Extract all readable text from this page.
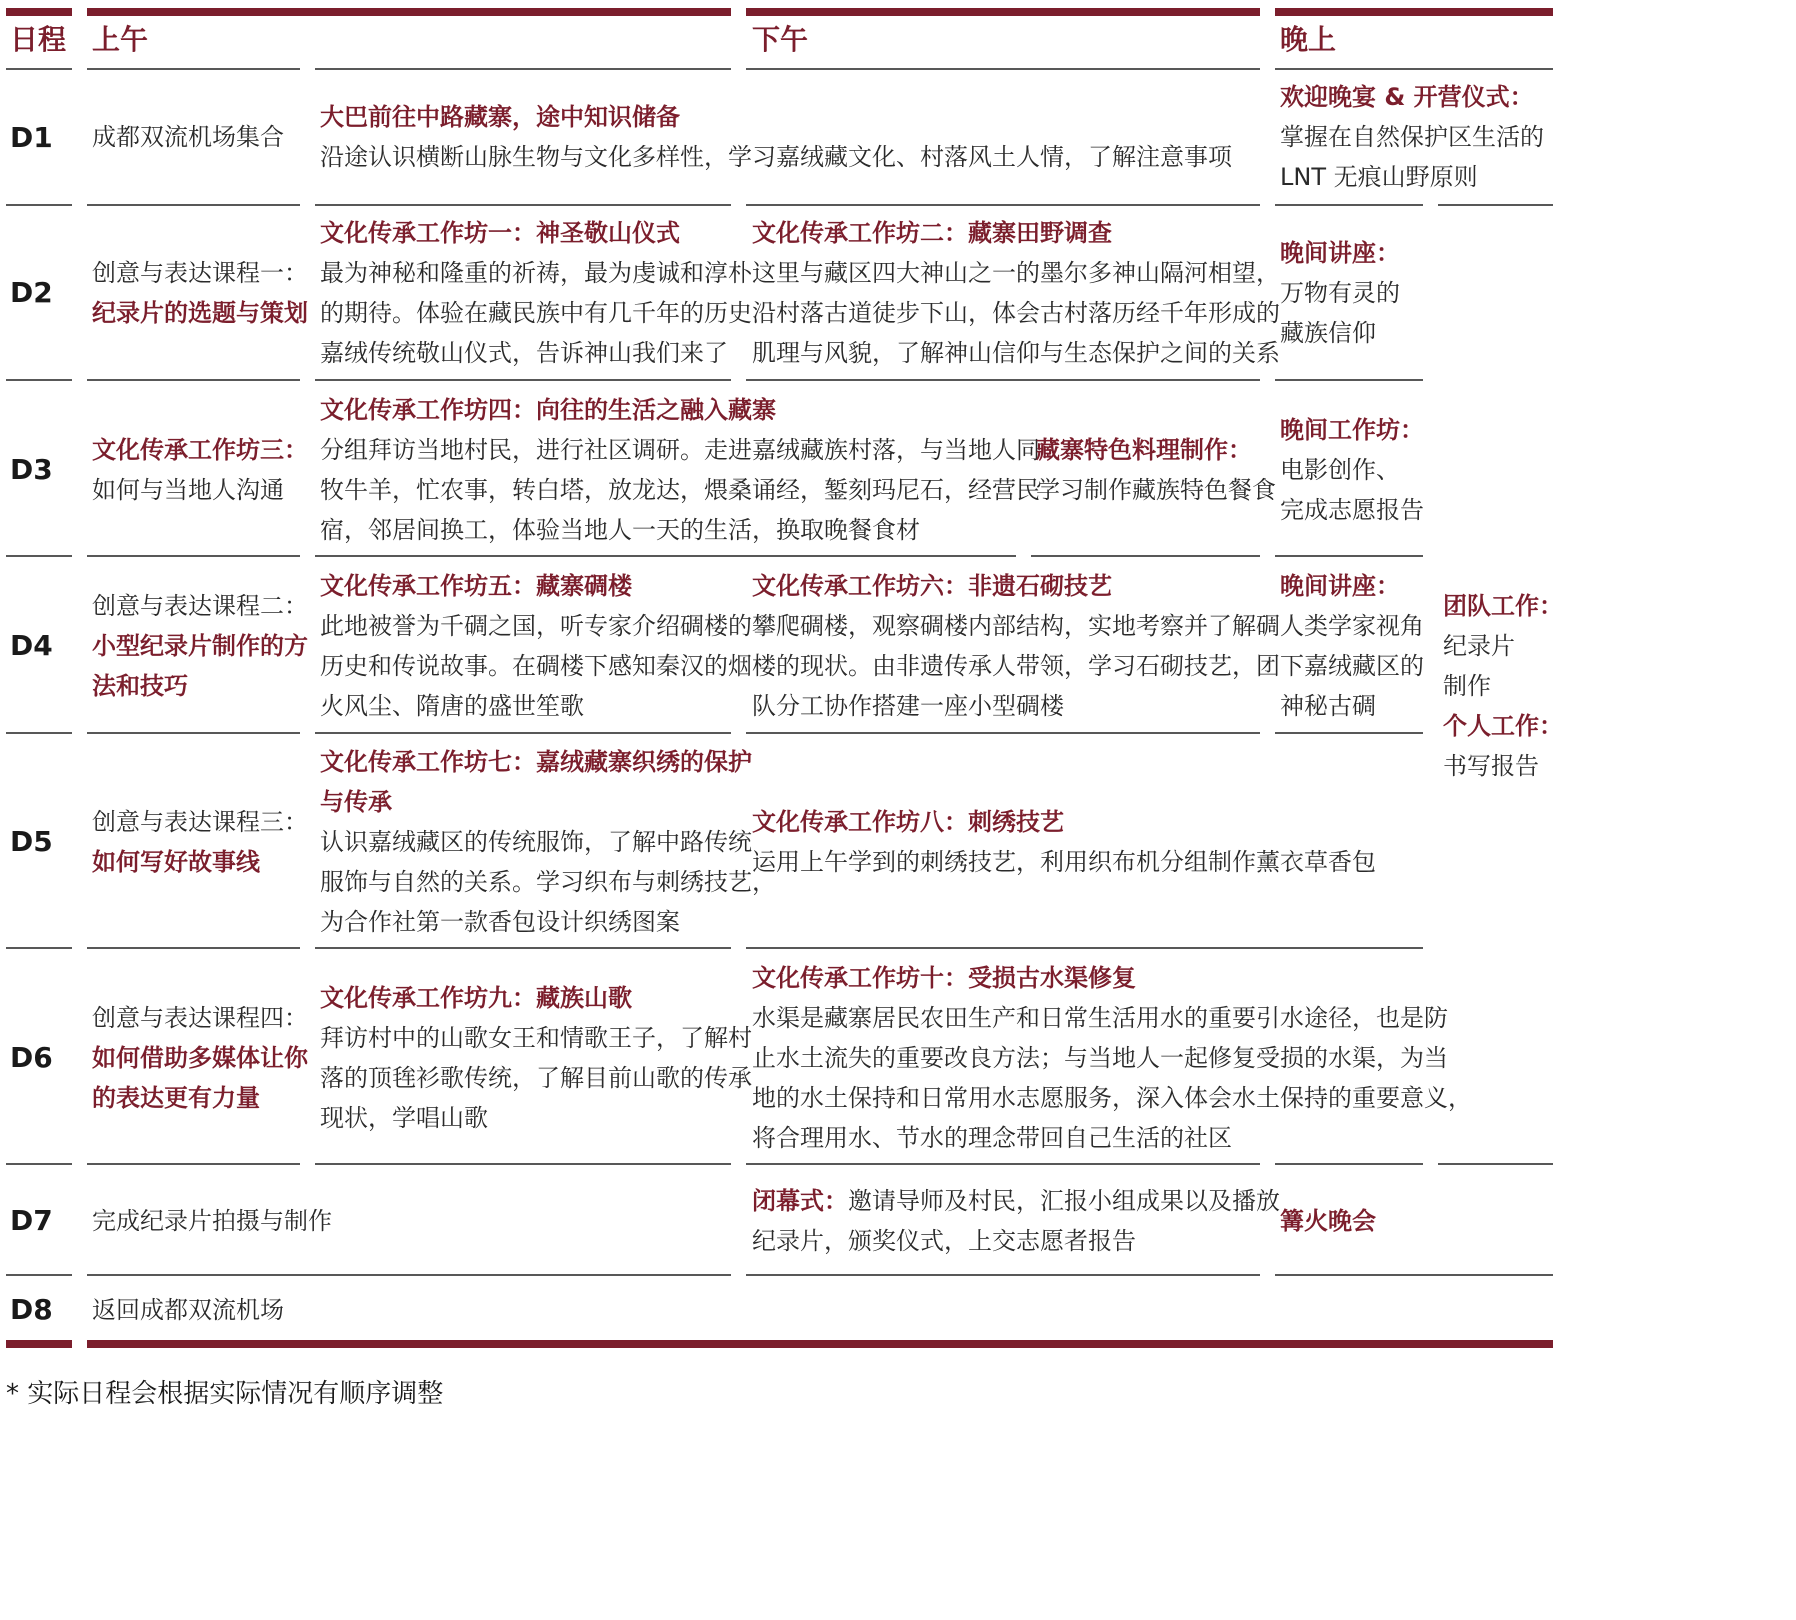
日程 上午	下午	晚上
D1 成都双流机场集合
大巴前往中路藏寨，途中知识储备
沿途认识横断山脉生物与文化多样性，学习嘉绒藏文化、村落风土人情，了解注意事项
欢迎晚宴 & 开营仪式：
掌握在自然保护区生活的
LNT 无痕山野原则
D2
创意与表达课程一：
纪录片的选题与策划
文化传承工作坊一：神圣敬山仪式
最为神秘和隆重的祈祷，最为虔诚和淳朴
的期待。体验在藏民族中有几千年的历史
嘉绒传统敬山仪式，告诉神山我们来了
文化传承工作坊二：藏寨田野调查
这里与藏区四大神山之一的墨尔多神山隔河相望，
沿村落古道徒步下山，体会古村落历经千年形成的
肌理与风貌，了解神山信仰与生态保护之间的关系
晚间讲座：
万物有灵的
藏族信仰
D3
文化传承工作坊三：
如何与当地人沟通
文化传承工作坊四：向往的生活之融入藏寨
分组拜访当地村民，进行社区调研。走进嘉绒藏族村落，与当地人同
牧牛羊，忙农事，转白塔，放龙达，煨桑诵经，錾刻玛尼石，经营民
宿，邻居间换工，体验当地人一天的生活，换取晚餐食材
藏寨特色料理制作：
学习制作藏族特色餐食
晚间工作坊：
电影创作、
完成志愿报告
D4
创意与表达课程二：
小型纪录片制作的方
法和技巧
文化传承工作坊五：藏寨碉楼
此地被誉为千碉之国，听专家介绍碉楼的
历史和传说故事。在碉楼下感知秦汉的烟
火风尘、隋唐的盛世笙歌
文化传承工作坊六：非遗石砌技艺
攀爬碉楼，观察碉楼内部结构，实地考察并了解碉
楼的现状。由非遗传承人带领，学习石砌技艺，团
队分工协作搭建一座小型碉楼
晚间讲座：
人类学家视角
下嘉绒藏区的
神秘古碉
团队工作：
纪录片
制作
个人工作：
书写报告
D5
创意与表达课程三：
如何写好故事线
文化传承工作坊七：嘉绒藏寨织绣的保护
与传承
认识嘉绒藏区的传统服饰，了解中路传统
服饰与自然的关系。学习织布与刺绣技艺，
为合作社第一款香包设计织绣图案
文化传承工作坊八：刺绣技艺
运用上午学到的刺绣技艺，利用织布机分组制作薰衣草香包
D6
创意与表达课程四：
如何借助多媒体让你
的表达更有力量
文化传承工作坊九：藏族山歌
拜访村中的山歌女王和情歌王子，了解村
落的顶毪衫歌传统，了解目前山歌的传承
现状，学唱山歌
文化传承工作坊十：受损古水渠修复
水渠是藏寨居民农田生产和日常生活用水的重要引水途径，也是防
止水土流失的重要改良方法；与当地人一起修复受损的水渠，为当
地的水土保持和日常用水志愿服务，深入体会水土保持的重要意义，
将合理用水、节水的理念带回自己生活的社区
D7 完成纪录片拍摄与制作
闭幕式：邀请导师及村民，汇报小组成果以及播放
纪录片，颁奖仪式，上交志愿者报告
篝火晚会
D8 返回成都双流机场
* 实际日程会根据实际情况有顺序调整
